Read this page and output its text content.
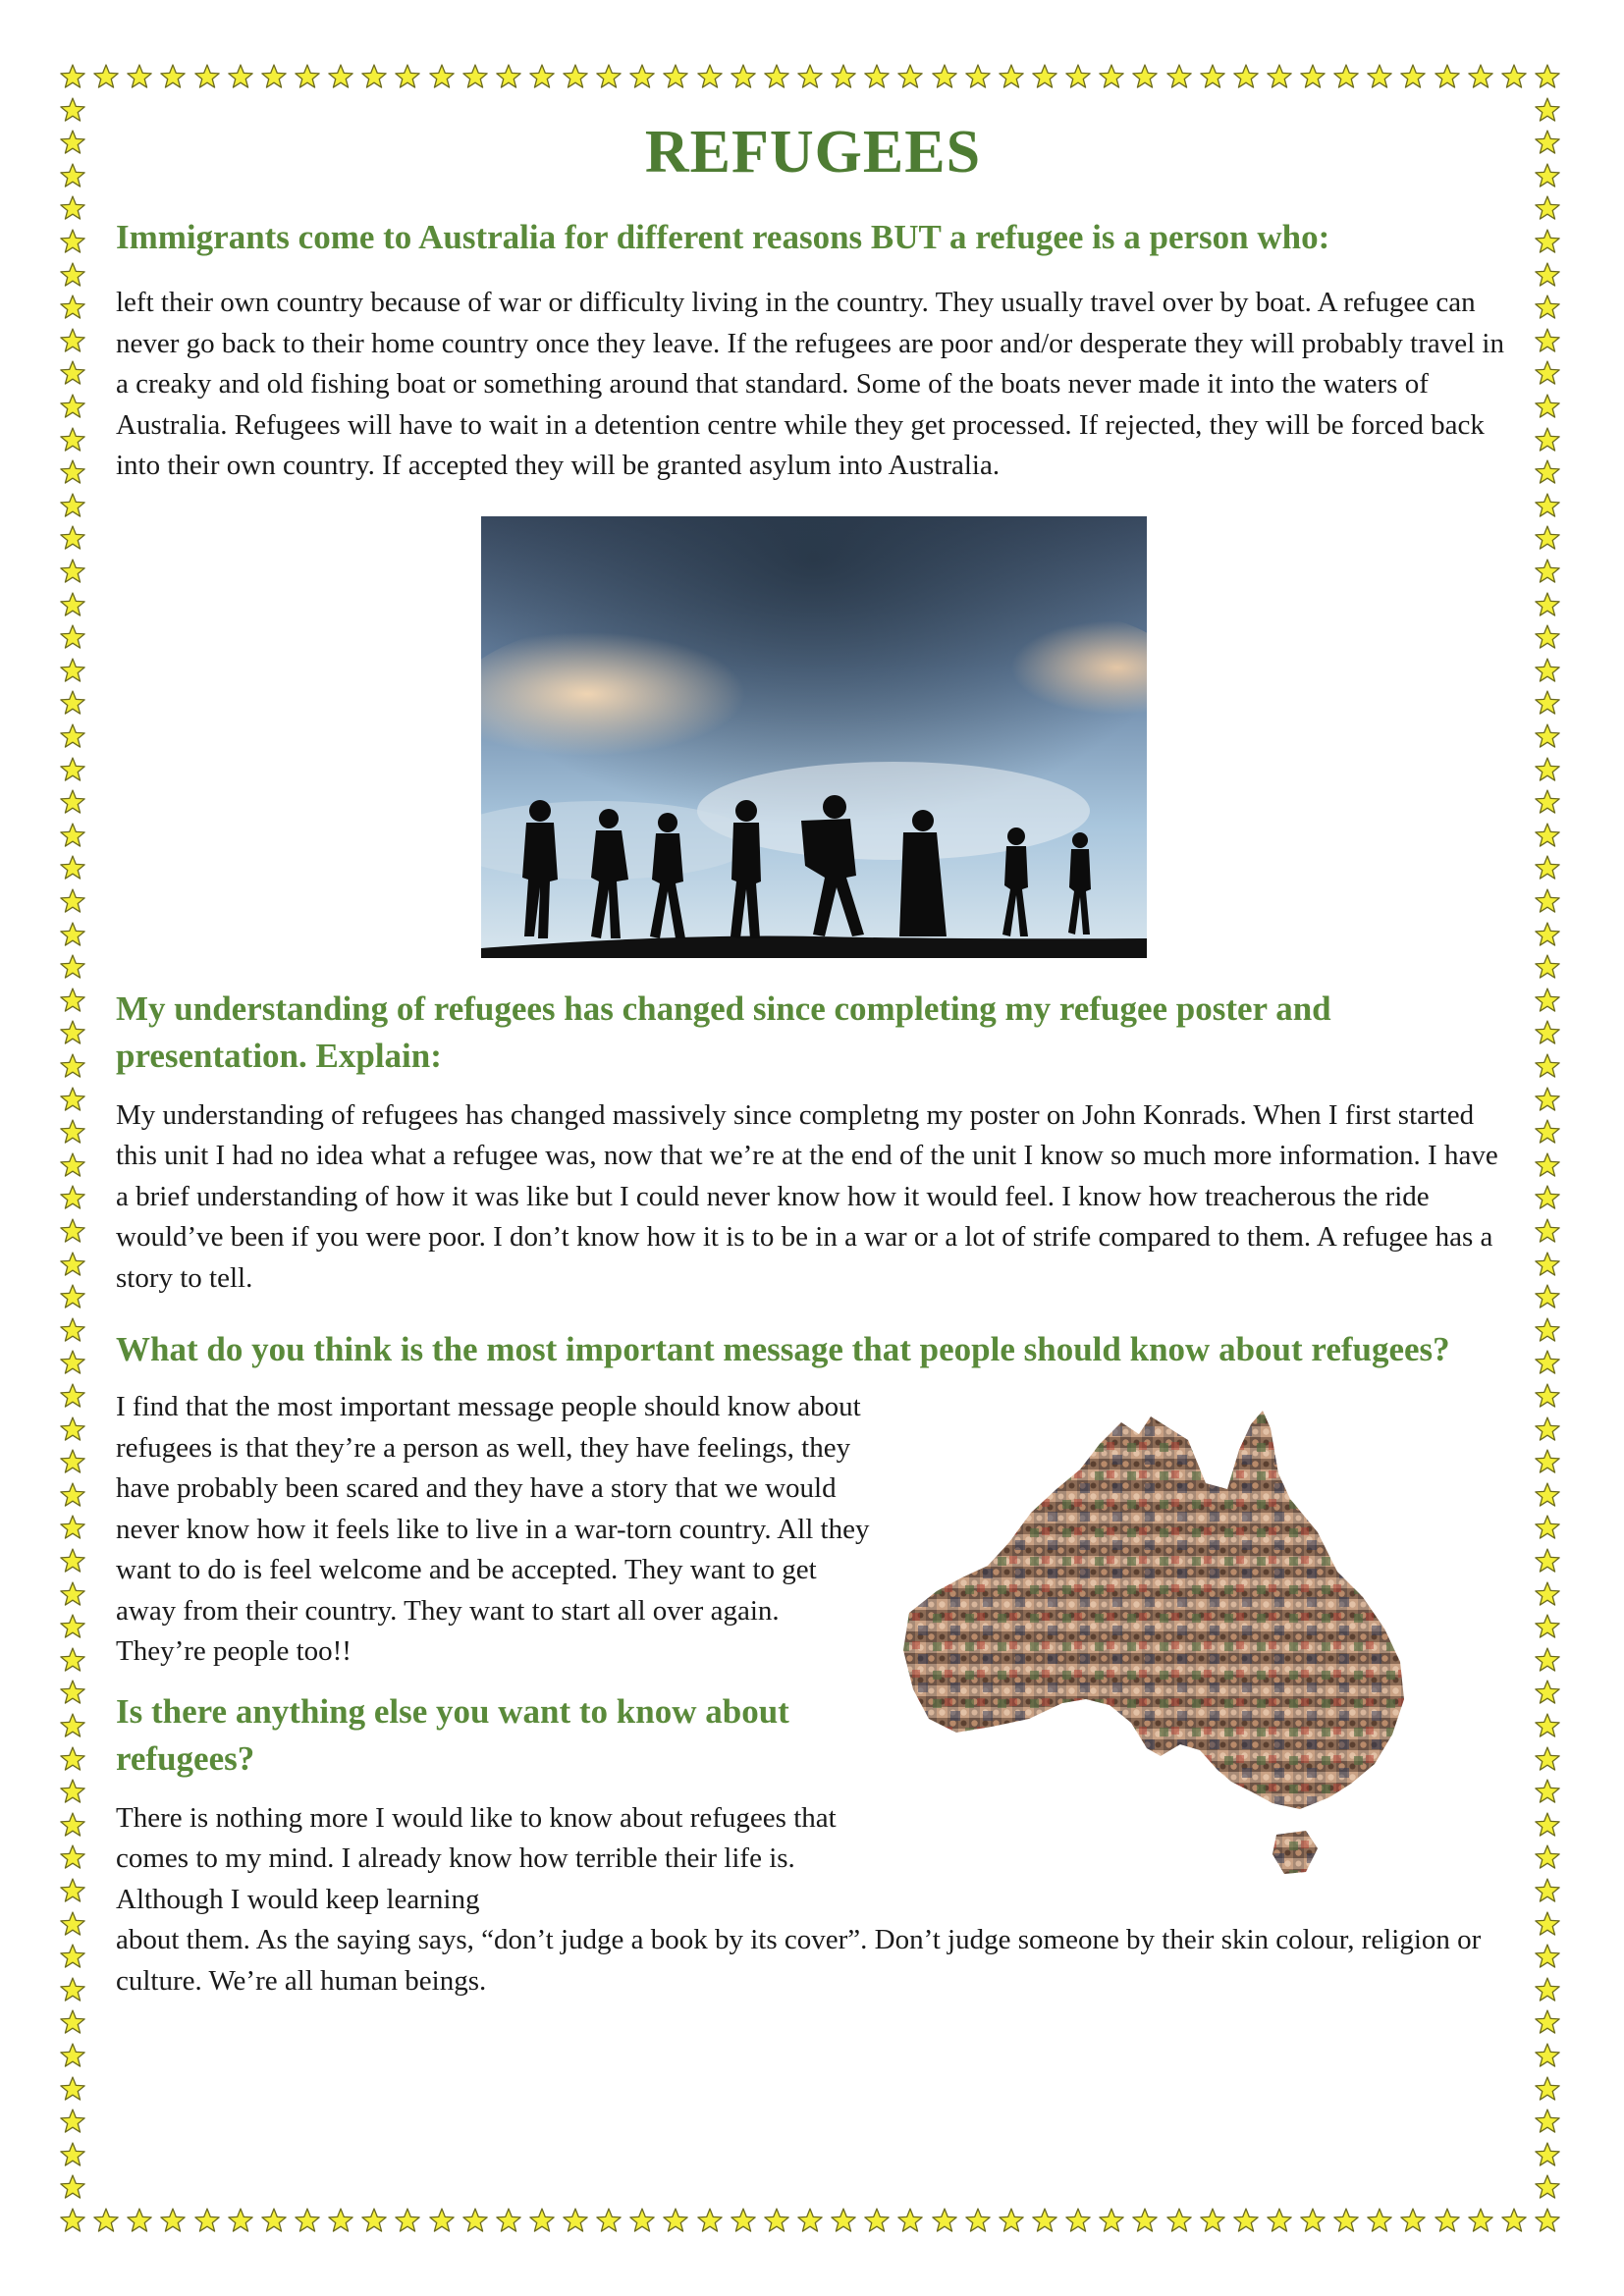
REFUGEES
Immigrants come to Australia for different reasons BUT a refugee is a person who:

left their own country because of war or difficulty living in the country. They usually travel over by boat. A refugee can never go back to their home country once they leave. If the refugees are poor and/or desperate they will probably travel in a creaky and old fishing boat or something around that standard. Some of the boats never made it into the waters of Australia. Refugees will have to wait in a detention centre while they get processed. If rejected, they will be forced back into their own country. If accepted they will be granted asylum into Australia.

My understanding of refugees has changed since completing my refugee poster and presentation. Explain:

My understanding of refugees has changed massively since completng my poster on John Konrads. When I first started this unit I had no idea what a refugee was, now that we’re at the end of the unit I know so much more information. I have a brief understanding of how it was like but I could never know how it would feel. I know how treacherous the ride would’ve been if you were poor. I don’t know how it is to be in a war or a lot of strife compared to them. A refugee has a story to tell.

What do you think is the most important message that people should know about refugees?

I find that the most important message people should know about refugees is that they’re a person as well, they have feelings, they have probably been scared and they have a story that we would never know how it feels like to live in a war-torn country. All they want to do is feel welcome and be accepted. They want to get away from their country. They want to start all over again. They’re people too!!

Is there anything else you want to know about refugees?

There is nothing more I would like to know about refugees that comes to my mind. I already know how terrible their life is. Although I would keep learning

about them. As the saying says, “don’t judge a book by its cover”. Don’t judge someone by their skin colour, religion or culture. We’re all human beings.
